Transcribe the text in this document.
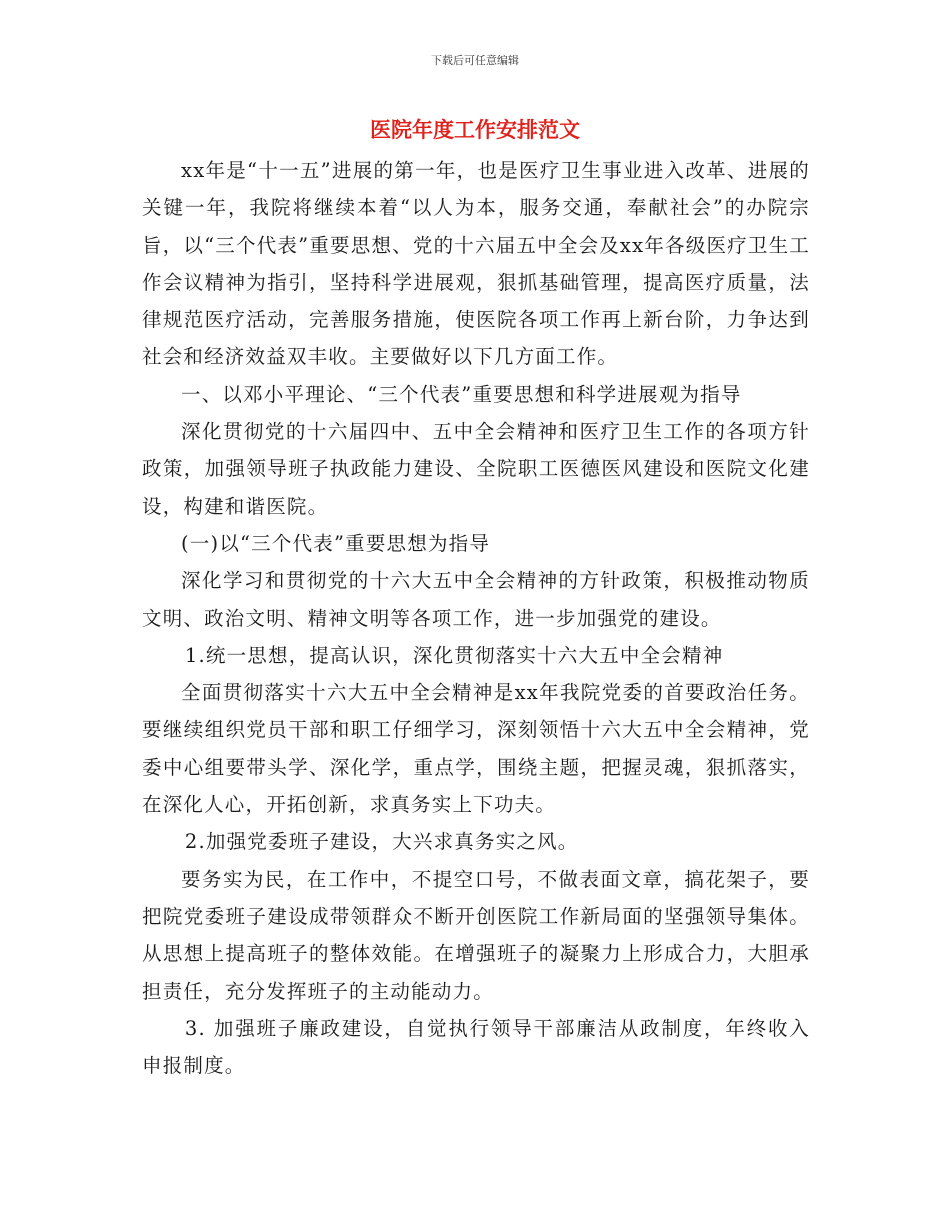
下载后可任意编辑
医院年度工作安排范文

xx年是“十一五”进展的第一年，也是医疗卫生事业进入改革、进展的关键一年，我院将继续本着“以人为本，服务交通，奉献社会”的办院宗旨，以“三个代表”重要思想、党的十六届五中全会及xx年各级医疗卫生工作会议精神为指引，坚持科学进展观，狠抓基础管理，提高医疗质量，法律规范医疗活动，完善服务措施，使医院各项工作再上新台阶，力争达到社会和经济效益双丰收。主要做好以下几方面工作。

一、以邓小平理论、“三个代表”重要思想和科学进展观为指导

深化贯彻党的十六届四中、五中全会精神和医疗卫生工作的各项方针政策，加强领导班子执政能力建设、全院职工医德医风建设和医院文化建设，构建和谐医院。

(一)以“三个代表”重要思想为指导

深化学习和贯彻党的十六大五中全会精神的方针政策，积极推动物质文明、政治文明、精神文明等各项工作，进一步加强党的建设。

1.统一思想，提高认识，深化贯彻落实十六大五中全会精神

全面贯彻落实十六大五中全会精神是xx年我院党委的首要政治任务。要继续组织党员干部和职工仔细学习，深刻领悟十六大五中全会精神，党委中心组要带头学、深化学，重点学，围绕主题，把握灵魂，狠抓落实，在深化人心，开拓创新，求真务实上下功夫。

2.加强党委班子建设，大兴求真务实之风。

要务实为民，在工作中，不提空口号，不做表面文章，搞花架子，要把院党委班子建设成带领群众不断开创医院工作新局面的坚强领导集体。从思想上提高班子的整体效能。在增强班子的凝聚力上形成合力，大胆承担责任，充分发挥班子的主动能动力。

3. 加强班子廉政建设，自觉执行领导干部廉洁从政制度，年终收入申报制度。
